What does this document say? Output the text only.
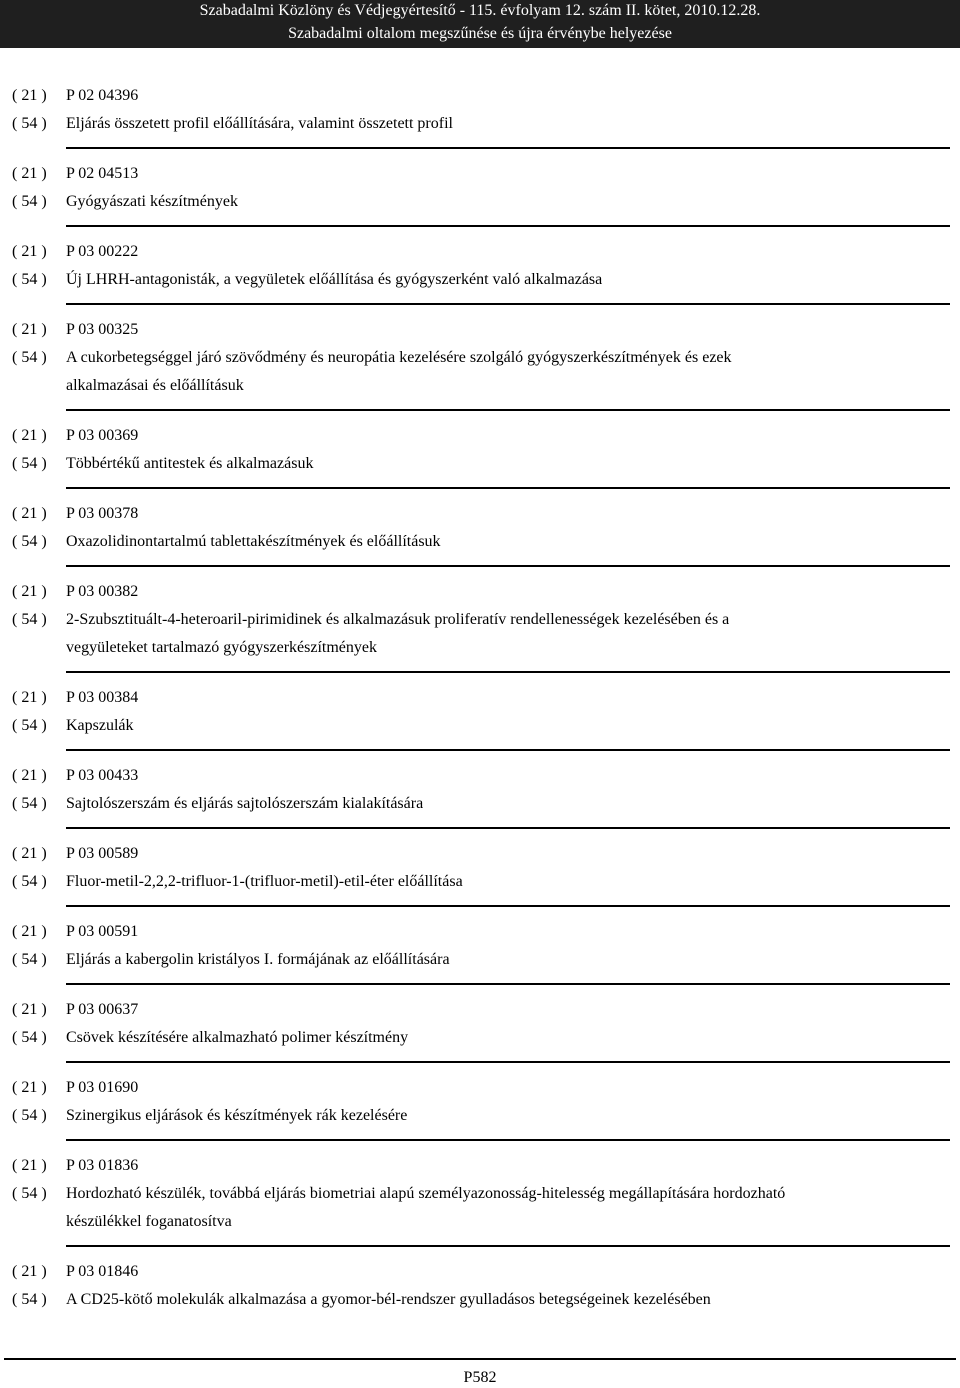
Szabadalmi Közlöny és Védjegyértesítő - 115. évfolyam 12. szám II. kötet, 2010.12.28.
Szabadalmi oltalom megszűnése és újra érvénybe helyezése
( 21 ) P 02 04396
( 54 ) Eljárás összetett profil előállítására, valamint összetett profil
( 21 ) P 02 04513
( 54 ) Gyógyászati készítmények
( 21 ) P 03 00222
( 54 ) Új LHRH-antagonisták, a vegyületek előállítása és gyógyszerként való alkalmazása
( 21 ) P 03 00325
( 54 ) A cukorbetegséggel járó szövődmény és neuropátia kezelésére szolgáló gyógyszerkészítmények és ezek
alkalmazásai és előállításuk
( 21 ) P 03 00369
( 54 ) Többértékű antitestek és alkalmazásuk
( 21 ) P 03 00378
( 54 ) Oxazolidinontartalmú tablettakészítmények és előállításuk
( 21 ) P 03 00382
( 54 ) 2-Szubsztituált-4-heteroaril-pirimidinek és alkalmazásuk proliferatív rendellenességek kezelésében és a
vegyületeket tartalmazó gyógyszerkészítmények
( 21 ) P 03 00384
( 54 ) Kapszulák
( 21 ) P 03 00433
( 54 ) Sajtolószerszám és eljárás sajtolószerszám kialakítására
( 21 ) P 03 00589
( 54 ) Fluor-metil-2,2,2-trifluor-1-(trifluor-metil)-etil-éter előállítása
( 21 ) P 03 00591
( 54 ) Eljárás a kabergolin kristályos I. formájának az előállítására
( 21 ) P 03 00637
( 54 ) Csövek készítésére alkalmazható polimer készítmény
( 21 ) P 03 01690
( 54 ) Szinergikus eljárások és készítmények rák kezelésére
( 21 ) P 03 01836
( 54 ) Hordozható készülék, továbbá eljárás biometriai alapú személyazonosság-hitelesség megállapítására hordozható
készülékkel foganatosítva
( 21 ) P 03 01846
( 54 ) A CD25-kötő molekulák alkalmazása a gyomor-bél-rendszer gyulladásos betegségeinek kezelésében
P582
